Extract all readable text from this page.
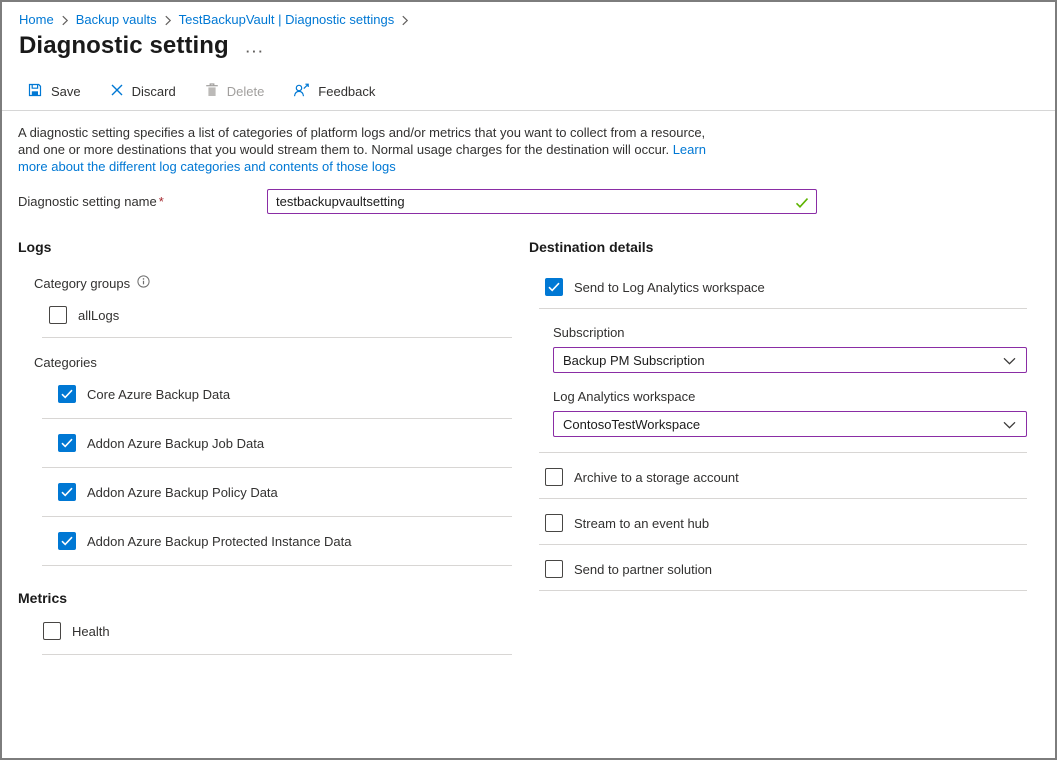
Home Backup vaults TestBackupVault | Diagnostic settings
Diagnostic setting ···
Save	Discard	Delete	Feedback
A diagnostic setting specifies a list of categories of platform logs and/or metrics that you want to collect from a resource, and one or more destinations that you would stream them to. Normal usage charges for the destination will occur. Learn more about the different log categories and contents of those logs
Diagnostic setting name *
testbackupvaultsetting
Logs
Category groups
allLogs
Categories
Core Azure Backup Data
Addon Azure Backup Job Data
Addon Azure Backup Policy Data
Addon Azure Backup Protected Instance Data
Metrics
Health
Destination details
Send to Log Analytics workspace
Subscription
Backup PM Subscription
Log Analytics workspace
ContosoTestWorkspace
Archive to a storage account
Stream to an event hub
Send to partner solution
